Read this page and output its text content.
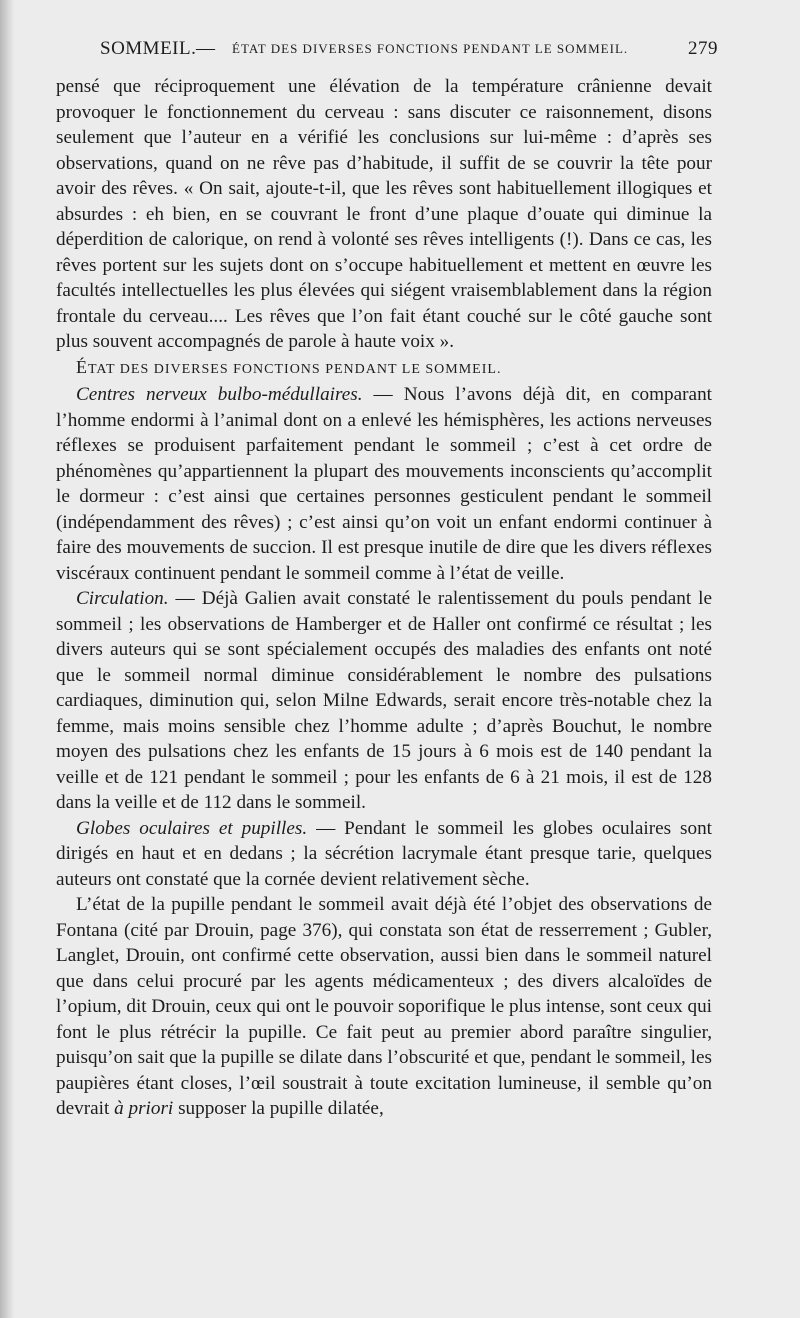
SOMMEIL. — ÉTAT DES DIVERSES FONCTIONS PENDANT LE SOMMEIL.	279

pensé que réciproquement une élévation de la température crânienne devait provoquer le fonctionnement du cerveau : sans discuter ce raisonnement, disons seulement que l’auteur en a vérifié les conclusions sur lui-même : d’après ses observations, quand on ne rêve pas d’habitude, il suffit de se couvrir la tête pour avoir des rêves. « On sait, ajoute-t-il, que les rêves sont habituellement illogiques et absurdes : eh bien, en se couvrant le front d’une plaque d’ouate qui diminue la déperdition de calorique, on rend à volonté ses rêves intelligents (!). Dans ce cas, les rêves portent sur les sujets dont on s’occupe habituellement et mettent en œuvre les facultés intellectuelles les plus élevées qui siégent vraisemblablement dans la région frontale du cerveau.... Les rêves que l’on fait étant couché sur le côté gauche sont plus souvent accompagnés de parole à haute voix ».

ÉTAT DES DIVERSES FONCTIONS PENDANT LE SOMMEIL.

Centres nerveux bulbo-médullaires. — Nous l’avons déjà dit, en comparant l’homme endormi à l’animal dont on a enlevé les hémisphères, les actions nerveuses réflexes se produisent parfaitement pendant le sommeil ; c’est à cet ordre de phénomènes qu’appartiennent la plupart des mouvements inconscients qu’accomplit le dormeur : c’est ainsi que certaines personnes gesticulent pendant le sommeil (indépendamment des rêves) ; c’est ainsi qu’on voit un enfant endormi continuer à faire des mouvements de succion. Il est presque inutile de dire que les divers réflexes viscéraux continuent pendant le sommeil comme à l’état de veille.

Circulation. — Déjà Galien avait constaté le ralentissement du pouls pendant le sommeil ; les observations de Hamberger et de Haller ont confirmé ce résultat ; les divers auteurs qui se sont spécialement occupés des maladies des enfants ont noté que le sommeil normal diminue considérablement le nombre des pulsations cardiaques, diminution qui, selon Milne Edwards, serait encore très-notable chez la femme, mais moins sensible chez l’homme adulte ; d’après Bouchut, le nombre moyen des pulsations chez les enfants de 15 jours à 6 mois est de 140 pendant la veille et de 121 pendant le sommeil ; pour les enfants de 6 à 21 mois, il est de 128 dans la veille et de 112 dans le sommeil.

Globes oculaires et pupilles. — Pendant le sommeil les globes oculaires sont dirigés en haut et en dedans ; la sécrétion lacrymale étant presque tarie, quelques auteurs ont constaté que la cornée devient relativement sèche.

L’état de la pupille pendant le sommeil avait déjà été l’objet des observations de Fontana (cité par Drouin, page 376), qui constata son état de resserrement ; Gubler, Langlet, Drouin, ont confirmé cette observation, aussi bien dans le sommeil naturel que dans celui procuré par les agents médicamenteux ; des divers alcaloïdes de l’opium, dit Drouin, ceux qui ont le pouvoir soporifique le plus intense, sont ceux qui font le plus rétrécir la pupille. Ce fait peut au premier abord paraître singulier, puisqu’on sait que la pupille se dilate dans l’obscurité et que, pendant le sommeil, les paupières étant closes, l’œil soustrait à toute excitation lumineuse, il semble qu’on devrait à priori supposer la pupille dilatée,
